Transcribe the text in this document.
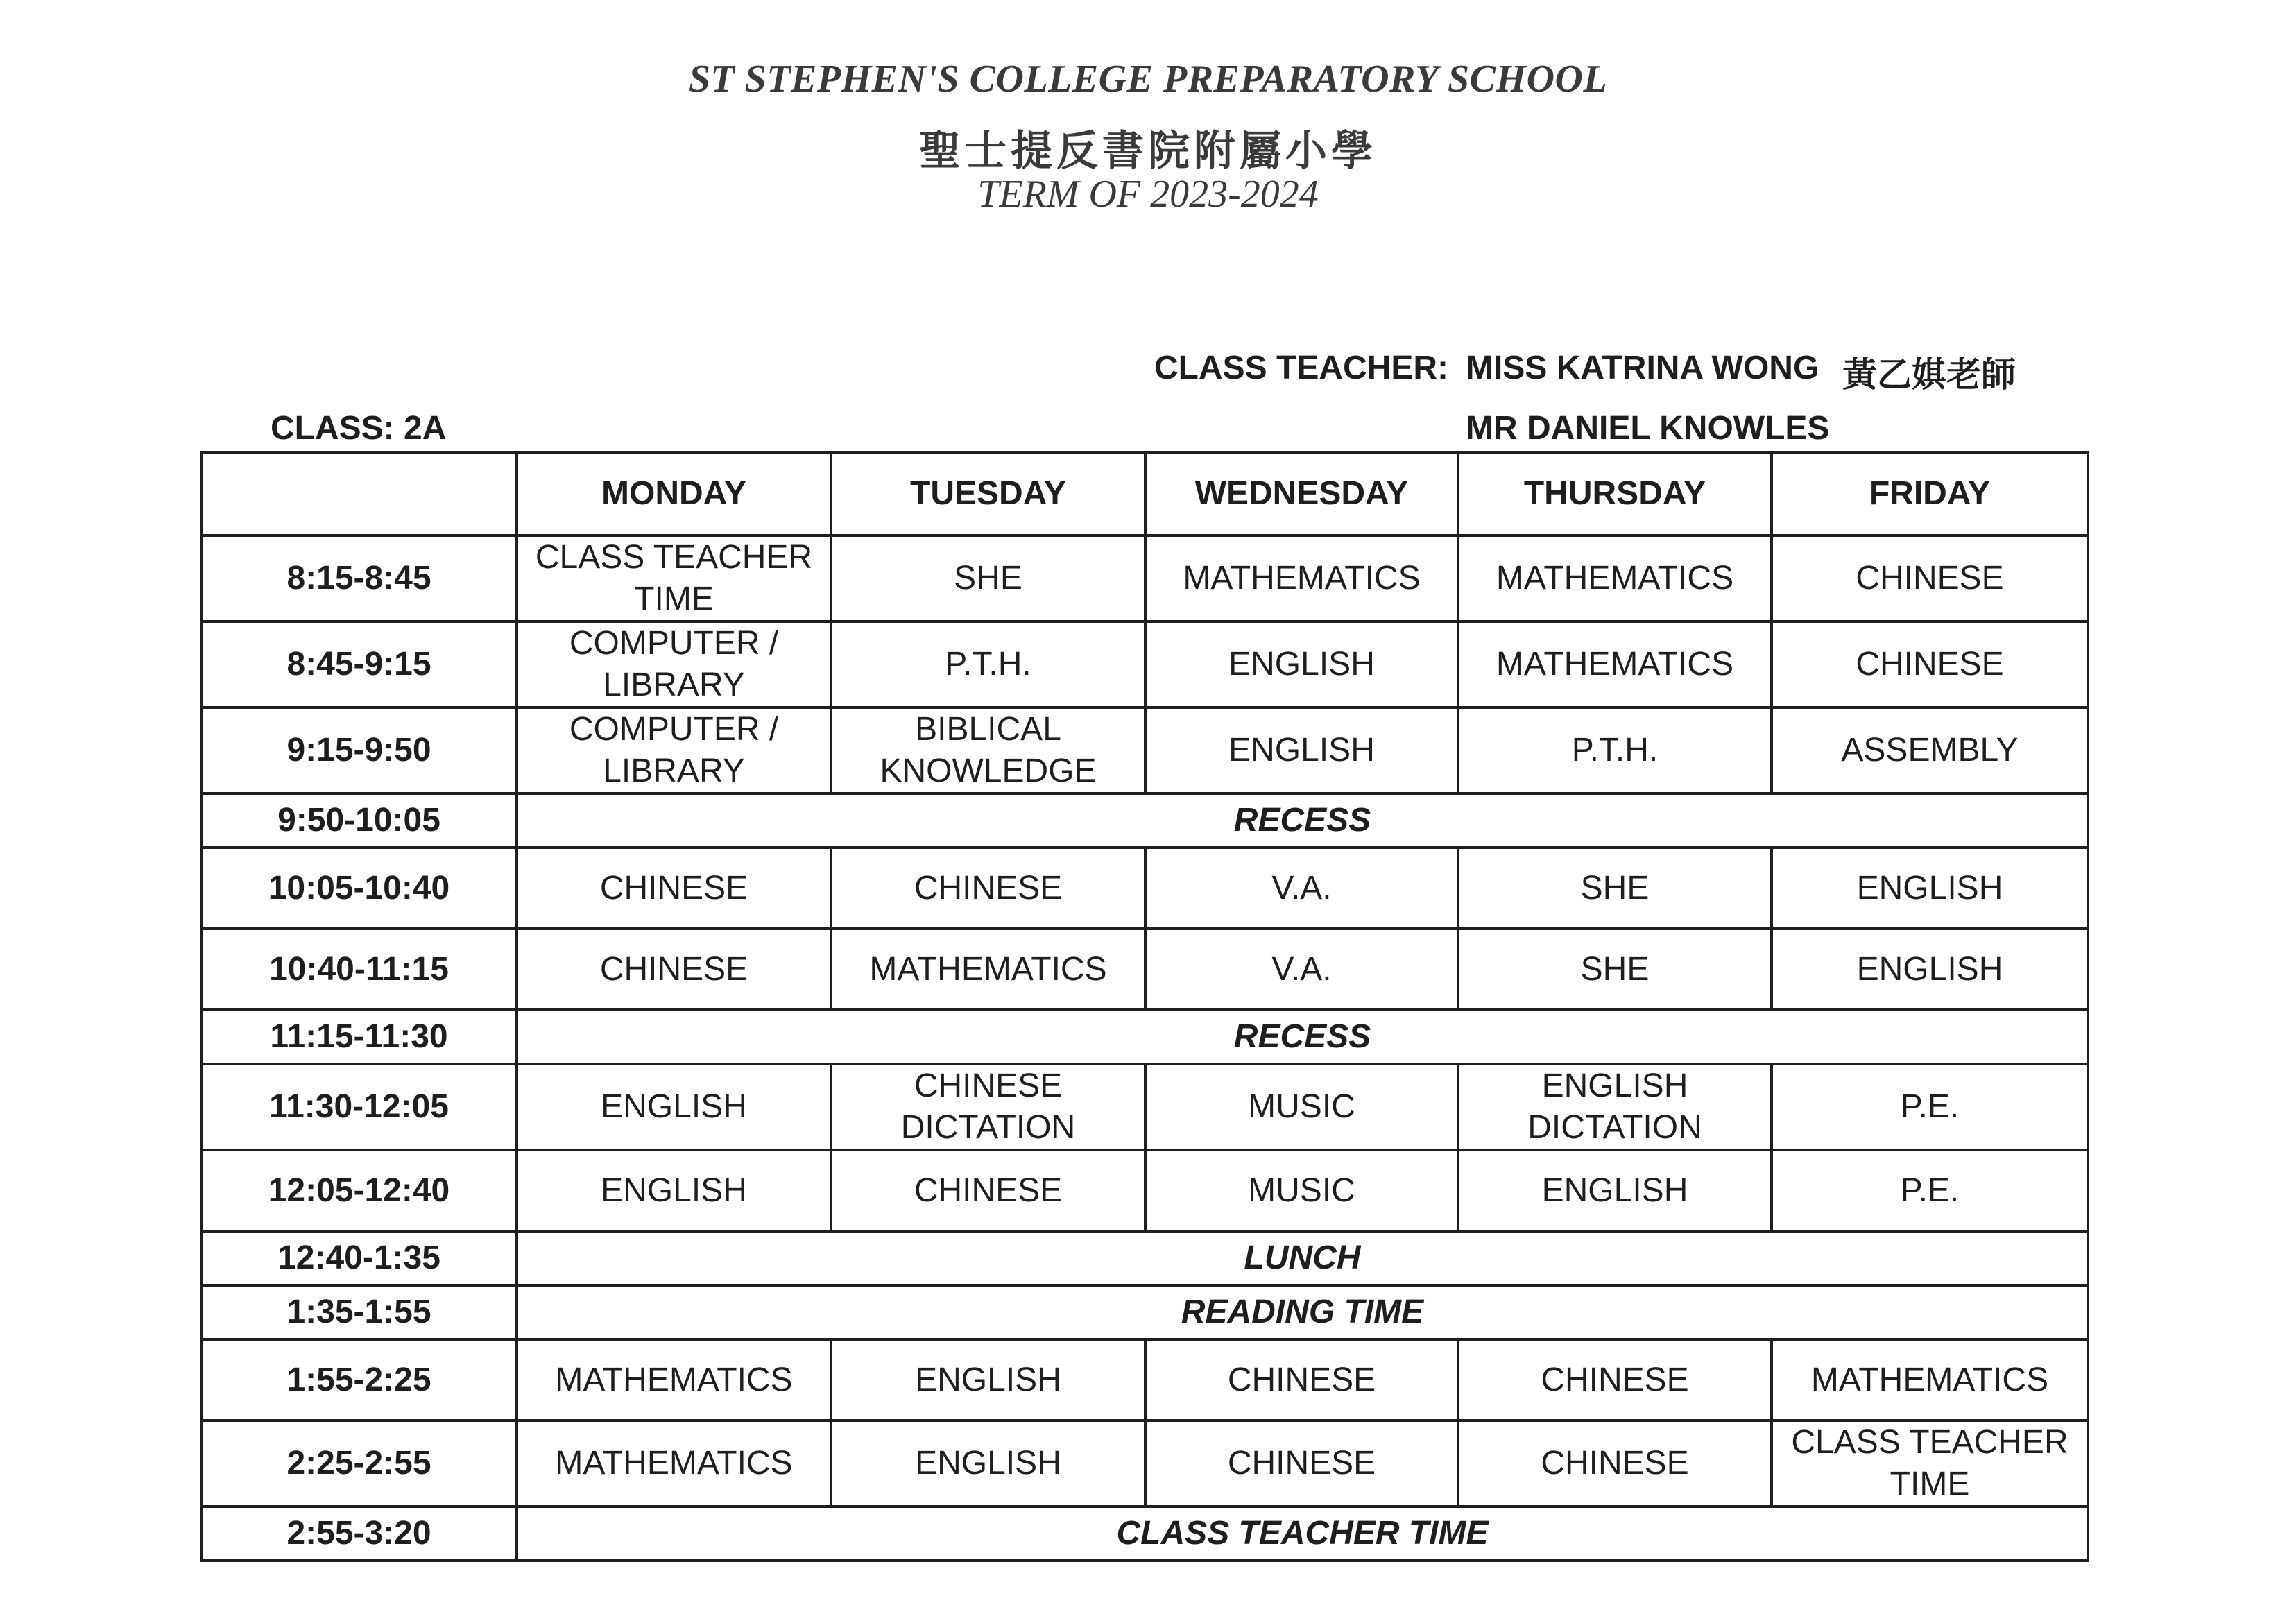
ST STEPHEN'S COLLEGE PREPARATORY SCHOOL
聖士提反書院附屬小學
TERM OF 2023-2024
CLASS TEACHER: MISS KATRINA WONG 黃乙娸老師
MR DANIEL KNOWLES
CLASS: 2A
	MONDAY	TUESDAY	WEDNESDAY	THURSDAY	FRIDAY
8:15-8:45	CLASS TEACHER TIME	SHE	MATHEMATICS	MATHEMATICS	CHINESE
8:45-9:15	COMPUTER / LIBRARY	P.T.H.	ENGLISH	MATHEMATICS	CHINESE
9:15-9:50	COMPUTER / LIBRARY	BIBLICAL KNOWLEDGE	ENGLISH	P.T.H.	ASSEMBLY
9:50-10:05	RECESS				
10:05-10:40	CHINESE	CHINESE	V.A.	SHE	ENGLISH
10:40-11:15	CHINESE	MATHEMATICS	V.A.	SHE	ENGLISH
11:15-11:30	RECESS				
11:30-12:05	ENGLISH	CHINESE DICTATION	MUSIC	ENGLISH DICTATION	P.E.
12:05-12:40	ENGLISH	CHINESE	MUSIC	ENGLISH	P.E.
12:40-1:35	LUNCH				
1:35-1:55	READING TIME				
1:55-2:25	MATHEMATICS	ENGLISH	CHINESE	CHINESE	MATHEMATICS
2:25-2:55	MATHEMATICS	ENGLISH	CHINESE	CHINESE	CLASS TEACHER TIME
2:55-3:20	CLASS TEACHER TIME				
